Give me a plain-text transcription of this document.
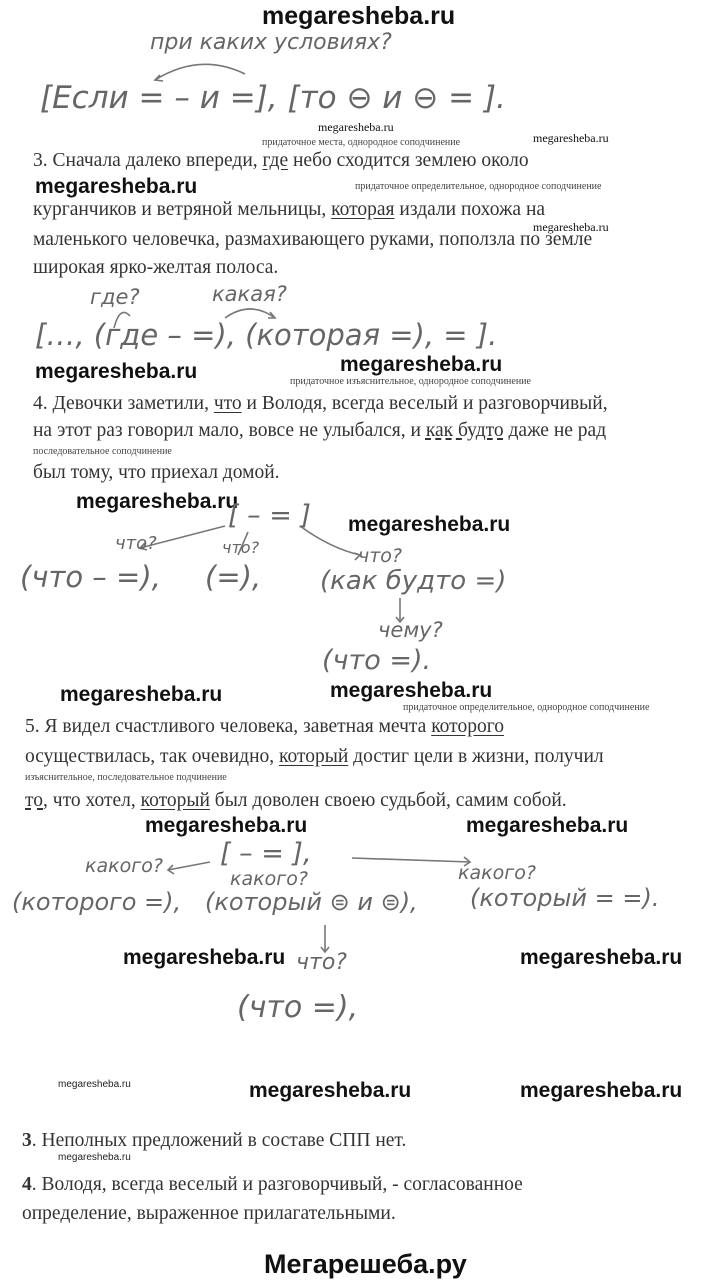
megaresheba.ru
Мегарешеба.ру
при каких условиях?
[Если = – и =], [то ⊖ и ⊖ = ].
придаточное места, однородное соподчинение
megaresheba.ru
megaresheba.ru
3. Сначала далеко впереди, где небо сходится землею около
megaresheba.ru	придаточное определительное, однородное соподчинение
курганчиков и ветряной мельницы, которая издали похожа на
megaresheba.ru
маленького человечка, размахивающего руками, поползла по земле
широкая ярко-желтая полоса.
где?	какая?
[…, (где – =), (которая =), = ].
megaresheba.ru
megaresheba.ru	придаточное изъяснительное, однородное соподчинение
4. Девочки заметили, что и Володя, всегда веселый и разговорчивый,
на этот раз говорил мало, вовсе не улыбался, и как будто даже не рад
последовательное соподчинение
был тому, что приехал домой.
megaresheba.ru
[ – = ] megaresheba.ru
что?	что?	что?
(что – =), (=), (как будто =)
чему?
(что =).
megaresheba.ru	megaresheba.ru
придаточное определительное, однородное соподчинение
5. Я видел счастливого человека, заветная мечта которого
осуществилась, так очевидно, который достиг цели в жизни, получил
изъяснительное, последовательное подчинение
то, что хотел, который был доволен своею судьбой, самим собой.
megaresheba.ru	megaresheba.ru
[ – = ],
какого?
какого?	какого?
(которого =), (который ⊜ и ⊜), (который = =).
megaresheba.ru	megaresheba.ru
что?
(что =),
megaresheba.ru	megaresheba.ru	megaresheba.ru
3. Неполных предложений в составе СПП нет.
megaresheba.ru
4. Володя, всегда веселый и разговорчивый, - согласованное
определение, выраженное прилагательными.
